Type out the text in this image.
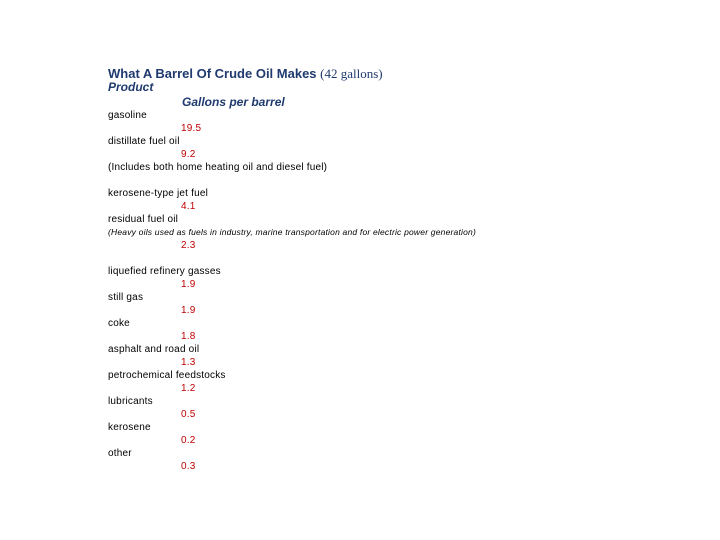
What A Barrel Of Crude Oil Makes (42 gallons)
Product
Gallons per barrel
gasoline
19.5
distillate fuel oil
9.2
(Includes both home heating oil and diesel fuel)
kerosene-type jet fuel
4.1
residual fuel oil
(Heavy oils used as fuels in industry, marine transportation and for electric power generation)
2.3
liquefied refinery gasses
1.9
still gas
1.9
coke
1.8
asphalt and road oil
1.3
petrochemical feedstocks
1.2
lubricants
0.5
kerosene
0.2
other
0.3
